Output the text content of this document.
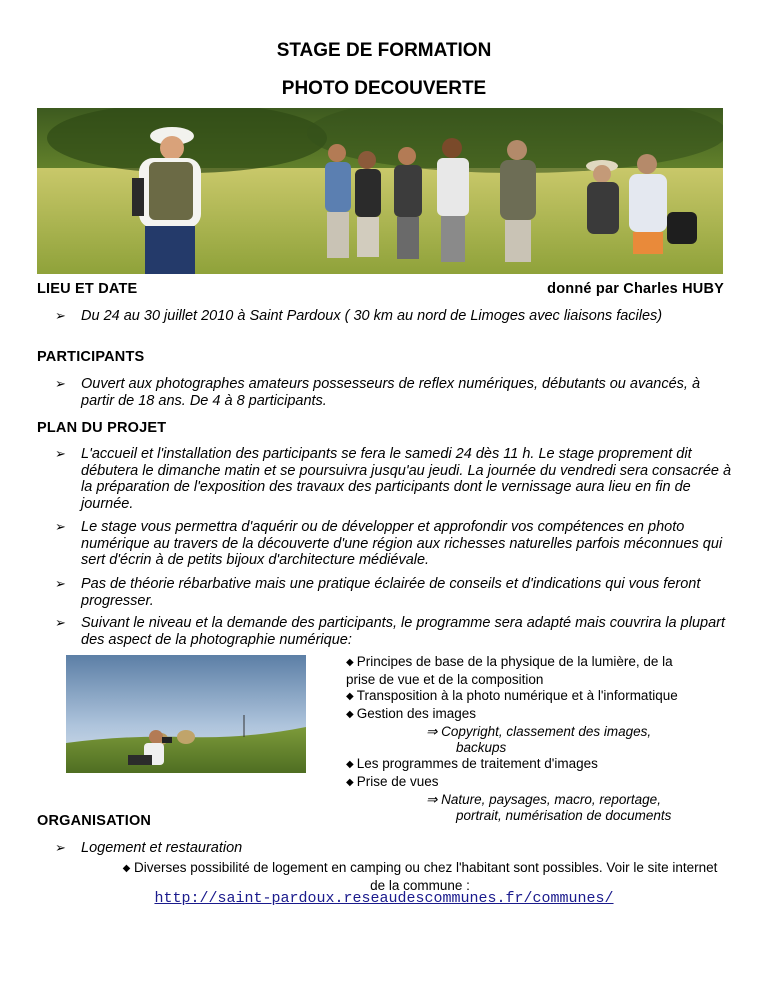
STAGE DE FORMATION
PHOTO DECOUVERTE
LIEU ET DATE	donné par Charles HUBY
➢ Du 24 au 30 juillet 2010 à Saint Pardoux ( 30 km au nord de Limoges avec liaisons faciles)
PARTICIPANTS
➢ Ouvert aux photographes amateurs possesseurs de reflex numériques, débutants ou avancés, à partir de 18 ans. De 4 à 8 participants.
PLAN DU PROJET
➢ L'accueil et l'installation des participants se fera le samedi 24 dès 11 h. Le stage proprement dit débutera le dimanche matin et se poursuivra jusqu'au jeudi. La journée du vendredi sera consacrée à la préparation de l'exposition des travaux des participants dont le vernissage aura lieu en fin de journée.
➢ Le stage vous permettra d'aquérir ou de développer et approfondir vos compétences en photo numérique au travers de la découverte d'une région aux richesses naturelles parfois méconnues qui sert d'écrin à de petits bijoux d'architecture médiévale.
➢ Pas de théorie rébarbative mais une pratique éclairée de conseils et d'indications qui vous feront progresser.
➢ Suivant le niveau et la demande des participants, le programme sera adapté mais couvrira la plupart des aspect de la photographie numérique:
◆ Principes de base de la physique de la lumière, de la
prise de vue et de la composition
◆ Transposition à la photo numérique et à l'informatique
◆ Gestion des images
⇒ Copyright, classement des images,
backups
◆ Les programmes de traitement d'images
◆ Prise de vues
⇒ Nature, paysages, macro, reportage,
portrait, numérisation de documents
ORGANISATION
➢ Logement et restauration
◆ Diverses possibilité de logement en camping ou chez l'habitant sont possibles. Voir le site internet de la commune :
http://saint-pardoux.reseaudescommunes.fr/communes/
